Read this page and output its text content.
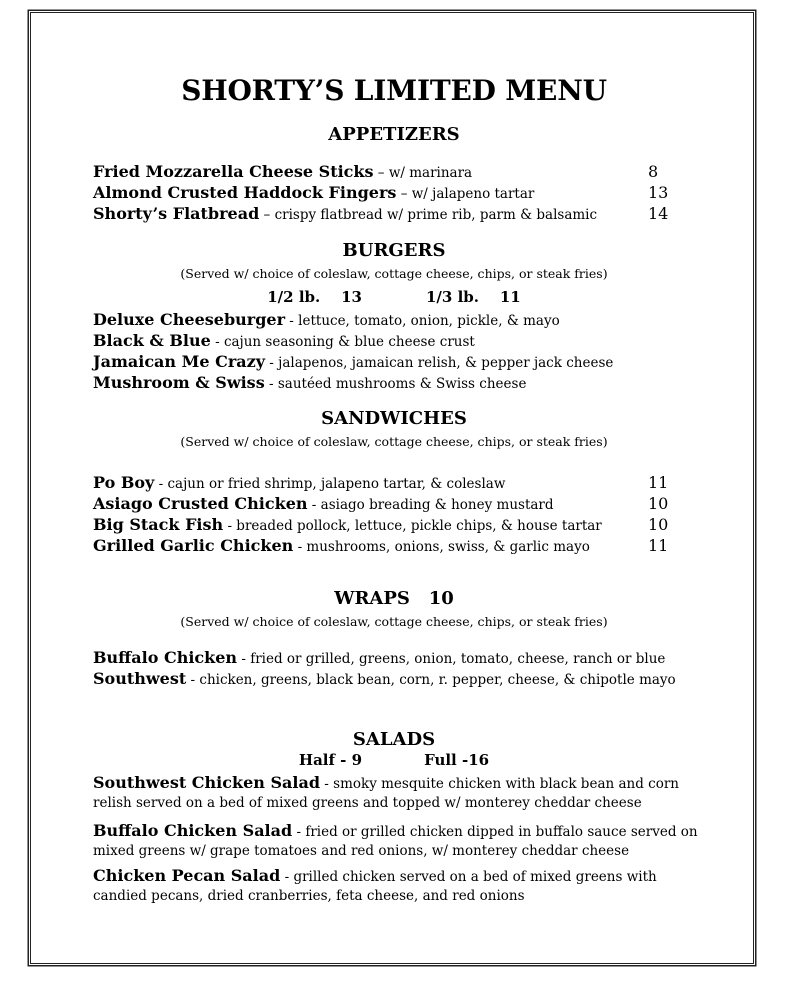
SHORTY’S LIMITED MENU
APPETIZERS
Fried Mozzarella Cheese Sticks – w/ marinara	8
Almond Crusted Haddock Fingers – w/ jalapeno tartar	13
Shorty’s Flatbread – crispy flatbread w/ prime rib, parm & balsamic	14
BURGERS
(Served w/ choice of coleslaw, cottage cheese, chips, or steak fries)
1/2 lb.    13	1/3 lb.    11
Deluxe Cheeseburger - lettuce, tomato, onion, pickle, & mayo
Black & Blue - cajun seasoning & blue cheese crust
Jamaican Me Crazy - jalapenos, jamaican relish, & pepper jack cheese
Mushroom & Swiss - sautéed mushrooms & Swiss cheese
SANDWICHES
(Served w/ choice of coleslaw, cottage cheese, chips, or steak fries)
Po Boy - cajun or fried shrimp, jalapeno tartar, & coleslaw	11
Asiago Crusted Chicken - asiago breading & honey mustard	10
Big Stack Fish - breaded pollock, lettuce, pickle chips, & house tartar	10
Grilled Garlic Chicken - mushrooms, onions, swiss, & garlic mayo	11
WRAPS   10
(Served w/ choice of coleslaw, cottage cheese, chips, or steak fries)
Buffalo Chicken - fried or grilled, greens, onion, tomato, cheese, ranch or blue
Southwest - chicken, greens, black bean, corn, r. pepper, cheese, & chipotle mayo
SALADS
Half - 9	Full -16
Southwest Chicken Salad - smoky mesquite chicken with black bean and corn relish served on a bed of mixed greens and topped w/ monterey cheddar cheese
Buffalo Chicken Salad - fried or grilled chicken dipped in buffalo sauce served on mixed greens w/ grape tomatoes and red onions, w/ monterey cheddar cheese
Chicken Pecan Salad - grilled chicken served on a bed of mixed greens with candied pecans, dried cranberries, feta cheese, and red onions
